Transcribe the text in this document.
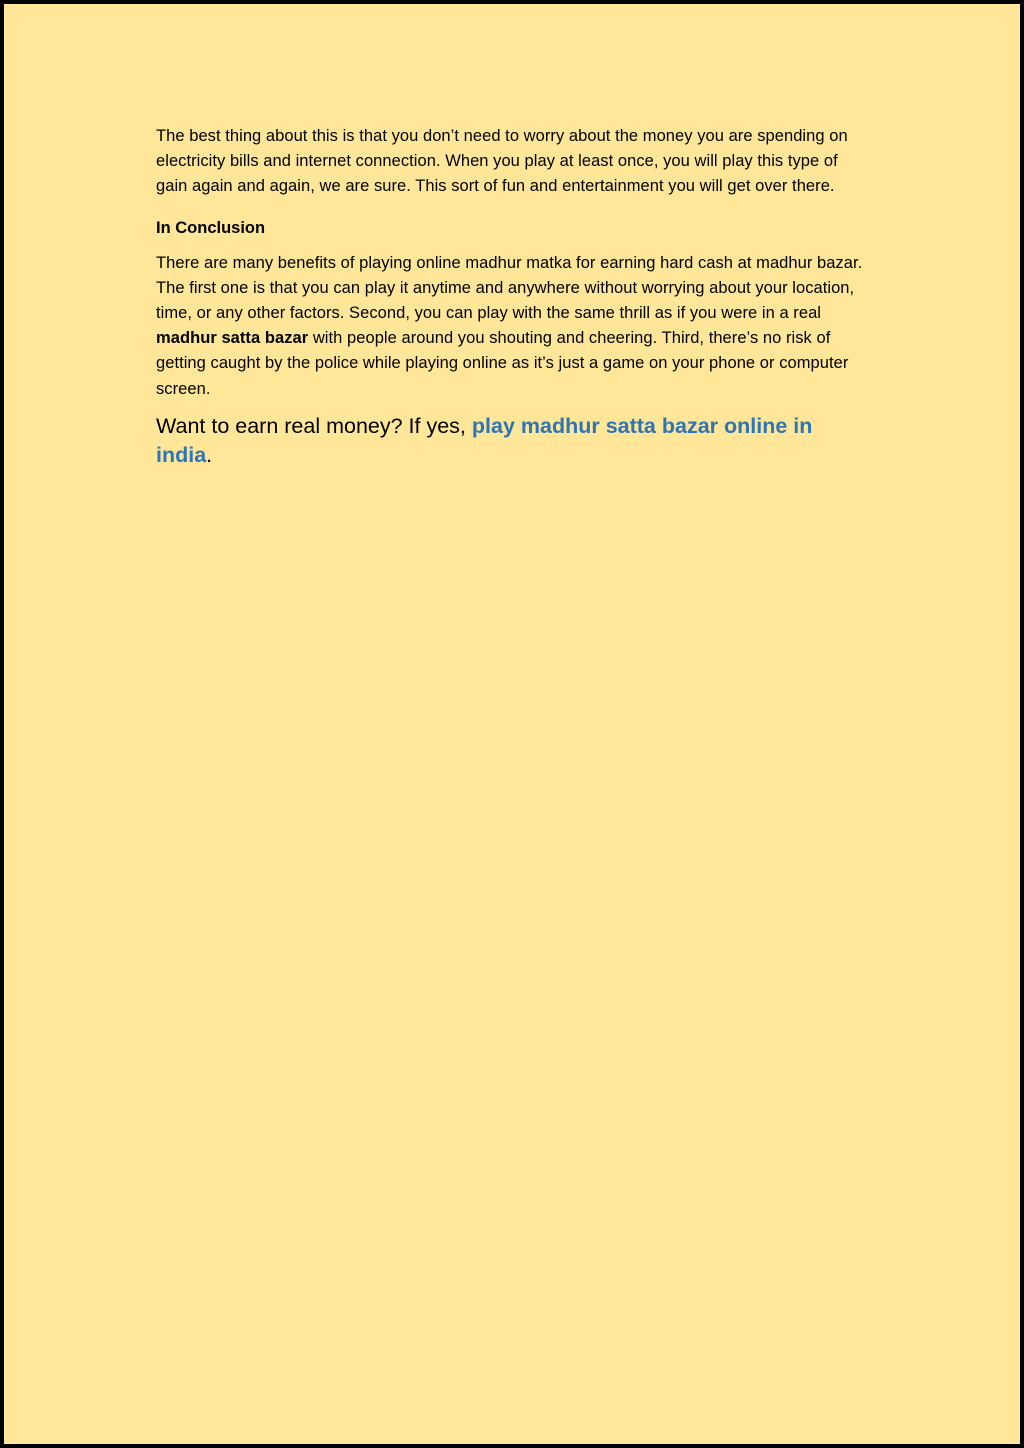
The best thing about this is that you don’t need to worry about the money you are spending on electricity bills and internet connection. When you play at least once, you will play this type of gain again and again, we are sure. This sort of fun and entertainment you will get over there.

In Conclusion

There are many benefits of playing online madhur matka for earning hard cash at madhur bazar. The first one is that you can play it anytime and anywhere without worrying about your location, time, or any other factors. Second, you can play with the same thrill as if you were in a real madhur satta bazar with people around you shouting and cheering. Third, there’s no risk of getting caught by the police while playing online as it’s just a game on your phone or computer screen.

Want to earn real money? If yes, play madhur satta bazar online in india.
